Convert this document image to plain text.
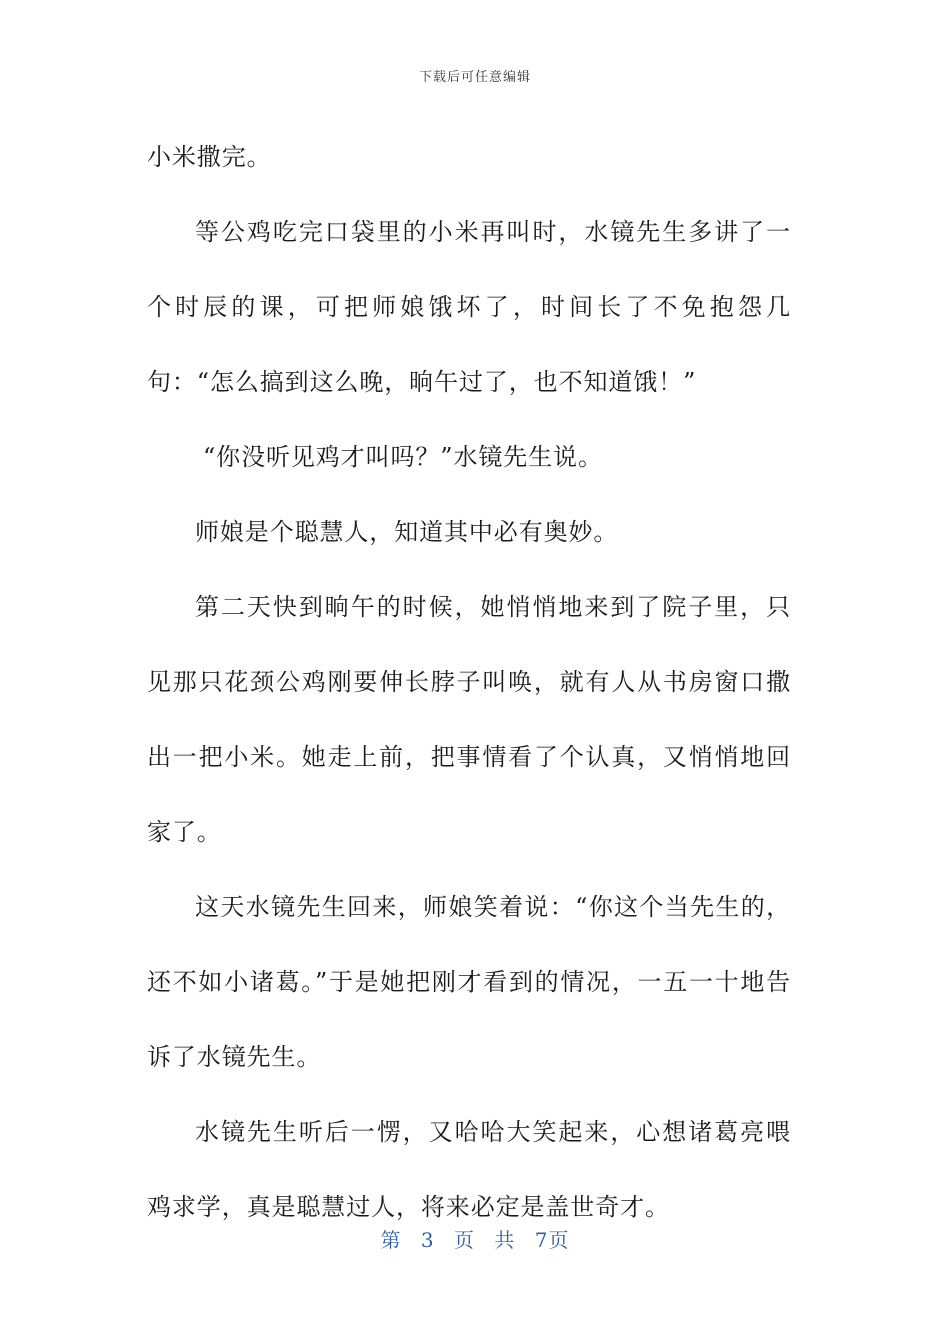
下载后可任意编辑

小米撒完。

等公鸡吃完口袋里的小米再叫时，水镜先生多讲了一个时辰的课，可把师娘饿坏了，时间长了不免抱怨几句：“怎么搞到这么晚，晌午过了，也不知道饿！”

“你没听见鸡才叫吗？”水镜先生说。

师娘是个聪慧人，知道其中必有奥妙。

第二天快到晌午的时候，她悄悄地来到了院子里，只见那只花颈公鸡刚要伸长脖子叫唤，就有人从书房窗口撒出一把小米。她走上前，把事情看了个认真，又悄悄地回家了。

这天水镜先生回来，师娘笑着说：“你这个当先生的，还不如小诸葛。”于是她把刚才看到的情况，一五一十地告诉了水镜先生。

水镜先生听后一愣，又哈哈大笑起来，心想诸葛亮喂鸡求学，真是聪慧过人，将来必定是盖世奇才。

第 3 页 共 7页
